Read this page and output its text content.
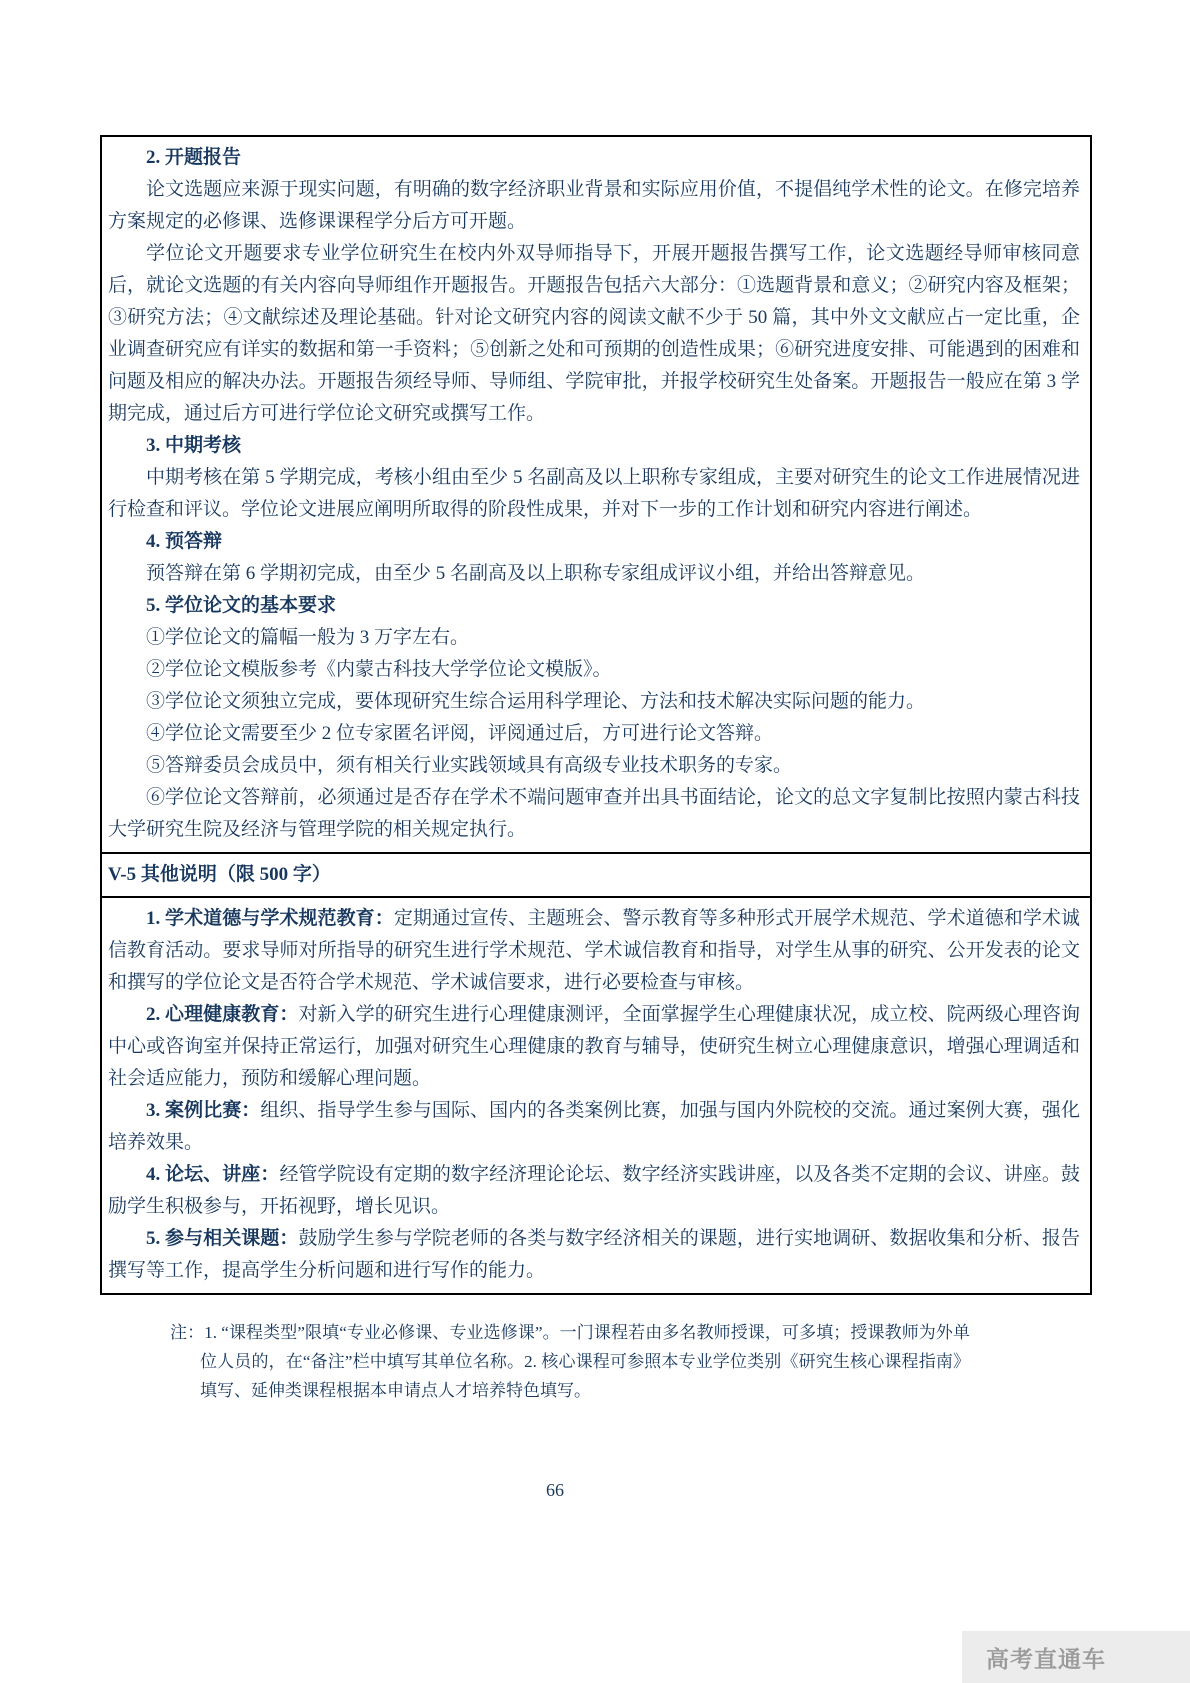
2. 开题报告

论文选题应来源于现实问题，有明确的数字经济职业背景和实际应用价值，不提倡纯学术性的论文。在修完培养方案规定的必修课、选修课课程学分后方可开题。

学位论文开题要求专业学位研究生在校内外双导师指导下，开展开题报告撰写工作，论文选题经导师审核同意后，就论文选题的有关内容向导师组作开题报告。开题报告包括六大部分：①选题背景和意义；②研究内容及框架；③研究方法；④文献综述及理论基础。针对论文研究内容的阅读文献不少于 50 篇，其中外文文献应占一定比重，企业调查研究应有详实的数据和第一手资料；⑤创新之处和可预期的创造性成果；⑥研究进度安排、可能遇到的困难和问题及相应的解决办法。开题报告须经导师、导师组、学院审批，并报学校研究生处备案。开题报告一般应在第 3 学期完成，通过后方可进行学位论文研究或撰写工作。

3. 中期考核

中期考核在第 5 学期完成，考核小组由至少 5 名副高及以上职称专家组成，主要对研究生的论文工作进展情况进行检查和评议。学位论文进展应阐明所取得的阶段性成果，并对下一步的工作计划和研究内容进行阐述。

4. 预答辩

预答辩在第 6 学期初完成，由至少 5 名副高及以上职称专家组成评议小组，并给出答辩意见。

5. 学位论文的基本要求

①学位论文的篇幅一般为 3 万字左右。

②学位论文模版参考《内蒙古科技大学学位论文模版》。

③学位论文须独立完成，要体现研究生综合运用科学理论、方法和技术解决实际问题的能力。

④学位论文需要至少 2 位专家匿名评阅，评阅通过后，方可进行论文答辩。

⑤答辩委员会成员中，须有相关行业实践领域具有高级专业技术职务的专家。

⑥学位论文答辩前，必须通过是否存在学术不端问题审查并出具书面结论，论文的总文字复制比按照内蒙古科技大学研究生院及经济与管理学院的相关规定执行。

V-5 其他说明（限 500 字）

1. 学术道德与学术规范教育：定期通过宣传、主题班会、警示教育等多种形式开展学术规范、学术道德和学术诚信教育活动。要求导师对所指导的研究生进行学术规范、学术诚信教育和指导，对学生从事的研究、公开发表的论文和撰写的学位论文是否符合学术规范、学术诚信要求，进行必要检查与审核。

2. 心理健康教育：对新入学的研究生进行心理健康测评，全面掌握学生心理健康状况，成立校、院两级心理咨询中心或咨询室并保持正常运行，加强对研究生心理健康的教育与辅导，使研究生树立心理健康意识，增强心理调适和社会适应能力，预防和缓解心理问题。

3. 案例比赛：组织、指导学生参与国际、国内的各类案例比赛，加强与国内外院校的交流。通过案例大赛，强化培养效果。

4. 论坛、讲座：经管学院设有定期的数字经济理论论坛、数字经济实践讲座，以及各类不定期的会议、讲座。鼓励学生积极参与，开拓视野，增长见识。

5. 参与相关课题：鼓励学生参与学院老师的各类与数字经济相关的课题，进行实地调研、数据收集和分析、报告撰写等工作，提高学生分析问题和进行写作的能力。

注：1. “课程类型”限填“专业必修课、专业选修课”。一门课程若由多名教师授课，可多填；授课教师为外单位人员的，在“备注”栏中填写其单位名称。2. 核心课程可参照本专业学位类别《研究生核心课程指南》填写、延伸类课程根据本申请点人才培养特色填写。
66
高考直通车
